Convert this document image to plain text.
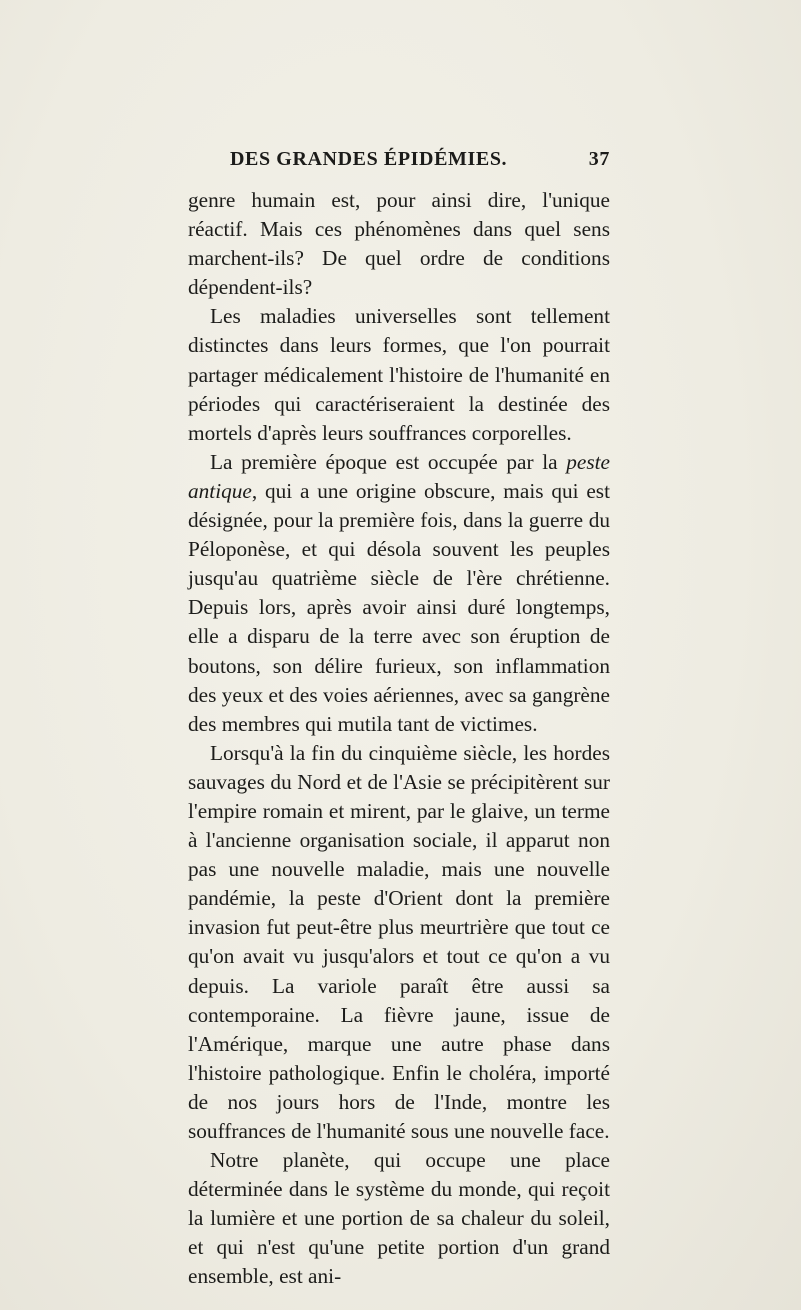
DES GRANDES ÉPIDÉMIES.	37

genre humain est, pour ainsi dire, l'unique réactif. Mais ces phénomènes dans quel sens marchent-ils? De quel ordre de conditions dépendent-ils?

Les maladies universelles sont tellement distinctes dans leurs formes, que l'on pourrait partager médicalement l'histoire de l'humanité en périodes qui caractériseraient la destinée des mortels d'après leurs souffrances corporelles.

La première époque est occupée par la peste antique, qui a une origine obscure, mais qui est désignée, pour la première fois, dans la guerre du Péloponèse, et qui désola souvent les peuples jusqu'au quatrième siècle de l'ère chrétienne. Depuis lors, après avoir ainsi duré longtemps, elle a disparu de la terre avec son éruption de boutons, son délire furieux, son inflammation des yeux et des voies aériennes, avec sa gangrène des membres qui mutila tant de victimes.

Lorsqu'à la fin du cinquième siècle, les hordes sauvages du Nord et de l'Asie se précipitèrent sur l'empire romain et mirent, par le glaive, un terme à l'ancienne organisation sociale, il apparut non pas une nouvelle maladie, mais une nouvelle pandémie, la peste d'Orient dont la première invasion fut peut-être plus meurtrière que tout ce qu'on avait vu jusqu'alors et tout ce qu'on a vu depuis. La variole paraît être aussi sa contemporaine. La fièvre jaune, issue de l'Amérique, marque une autre phase dans l'histoire pathologique. Enfin le choléra, importé de nos jours hors de l'Inde, montre les souffrances de l'humanité sous une nouvelle face.

Notre planète, qui occupe une place déterminée dans le système du monde, qui reçoit la lumière et une portion de sa chaleur du soleil, et qui n'est qu'une petite portion d'un grand ensemble, est ani-
